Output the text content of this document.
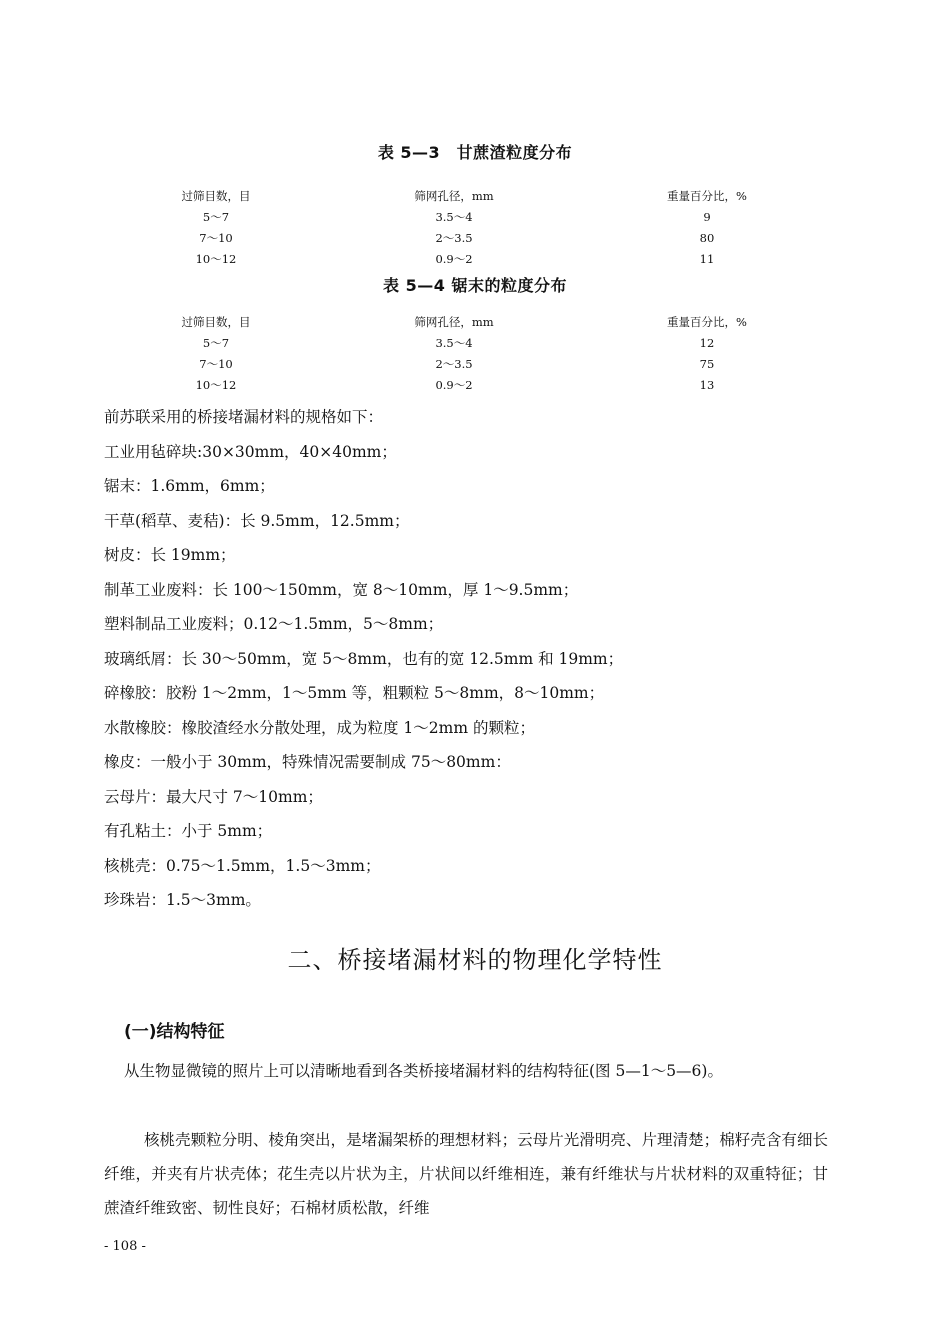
表 5—3　甘蔗渣粒度分布
过筛目数，目	筛网孔径，mm	重量百分比，%
5～7	3.5～4	9
7～10	2～3.5	80
10～12	0.9～2	11
表 5—4 锯末的粒度分布
过筛目数，目	筛网孔径，mm	重量百分比，%
5～7	3.5～4	12
7～10	2～3.5	75
10～12	0.9～2	13
前苏联采用的桥接堵漏材料的规格如下：
工业用毡碎块:30×30mm，40×40mm；
锯末：1.6mm，6mm；
干草(稻草、麦秸)：长 9.5mm，12.5mm；
树皮：长 19mm；
制革工业废料：长 100～150mm，宽 8～10mm，厚 1～9.5mm；
塑料制品工业废料；0.12～1.5mm，5～8mm；
玻璃纸屑：长 30～50mm，宽 5～8mm，也有的宽 12.5mm 和 19mm；
碎橡胶：胶粉 1～2mm，1～5mm 等，粗颗粒 5～8mm，8～10mm；
水散橡胶：橡胶渣经水分散处理，成为粒度 1～2mm 的颗粒；
橡皮：一般小于 30mm，特殊情况需要制成 75～80mm：
云母片：最大尺寸 7～10mm；
有孔粘土：小于 5mm；
核桃壳：0.75～1.5mm，1.5～3mm；
珍珠岩：1.5～3mm。
二、桥接堵漏材料的物理化学特性
(一)结构特征
从生物显微镜的照片上可以清晰地看到各类桥接堵漏材料的结构特征(图 5—1～5—6)。
核桃壳颗粒分明、棱角突出，是堵漏架桥的理想材料；云母片光滑明亮、片理清楚；棉籽壳含有细长纤维，并夹有片状壳体；花生壳以片状为主，片状间以纤维相连，兼有纤维状与片状材料的双重特征；甘蔗渣纤维致密、韧性良好；石棉材质松散，纤维
- 108 -
